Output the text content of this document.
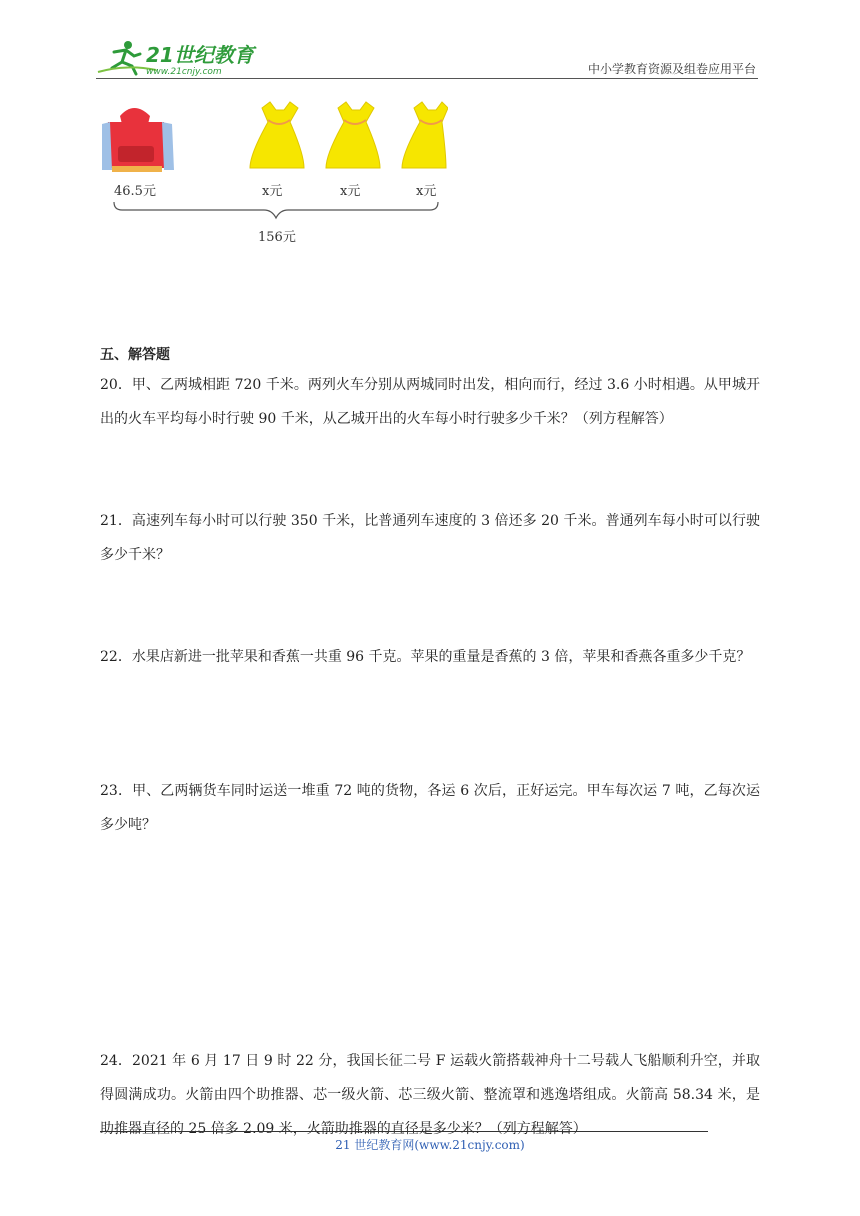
21世纪教育
www.21cnjy.com	中小学教育资源及组卷应用平台
46.5元	x元	x元	x元
156元
五、解答题
20．甲、乙两城相距 720 千米。两列火车分别从两城同时出发，相向而行，经过 3.6 小时相遇。从甲城开出的火车平均每小时行驶 90 千米，从乙城开出的火车每小时行驶多少千米？（列方程解答）
21．高速列车每小时可以行驶 350 千米，比普通列车速度的 3 倍还多 20 千米。普通列车每小时可以行驶多少千米？
22．水果店新进一批苹果和香蕉一共重 96 千克。苹果的重量是香蕉的 3 倍，苹果和香燕各重多少千克？
23．甲、乙两辆货车同时运送一堆重 72 吨的货物，各运 6 次后，正好运完。甲车每次运 7 吨，乙每次运多少吨？
24．2021 年 6 月 17 日 9 时 22 分，我国长征二号 F 运载火箭搭载神舟十二号载人飞船顺利升空，并取得圆满成功。火箭由四个助推器、芯一级火箭、芯三级火箭、整流罩和逃逸塔组成。火箭高 58.34 米，是助推器直径的 25 倍多 2.09 米，火箭助推器的直径是多少米？（列方程解答）
21 世纪教育网(www.21cnjy.com)
